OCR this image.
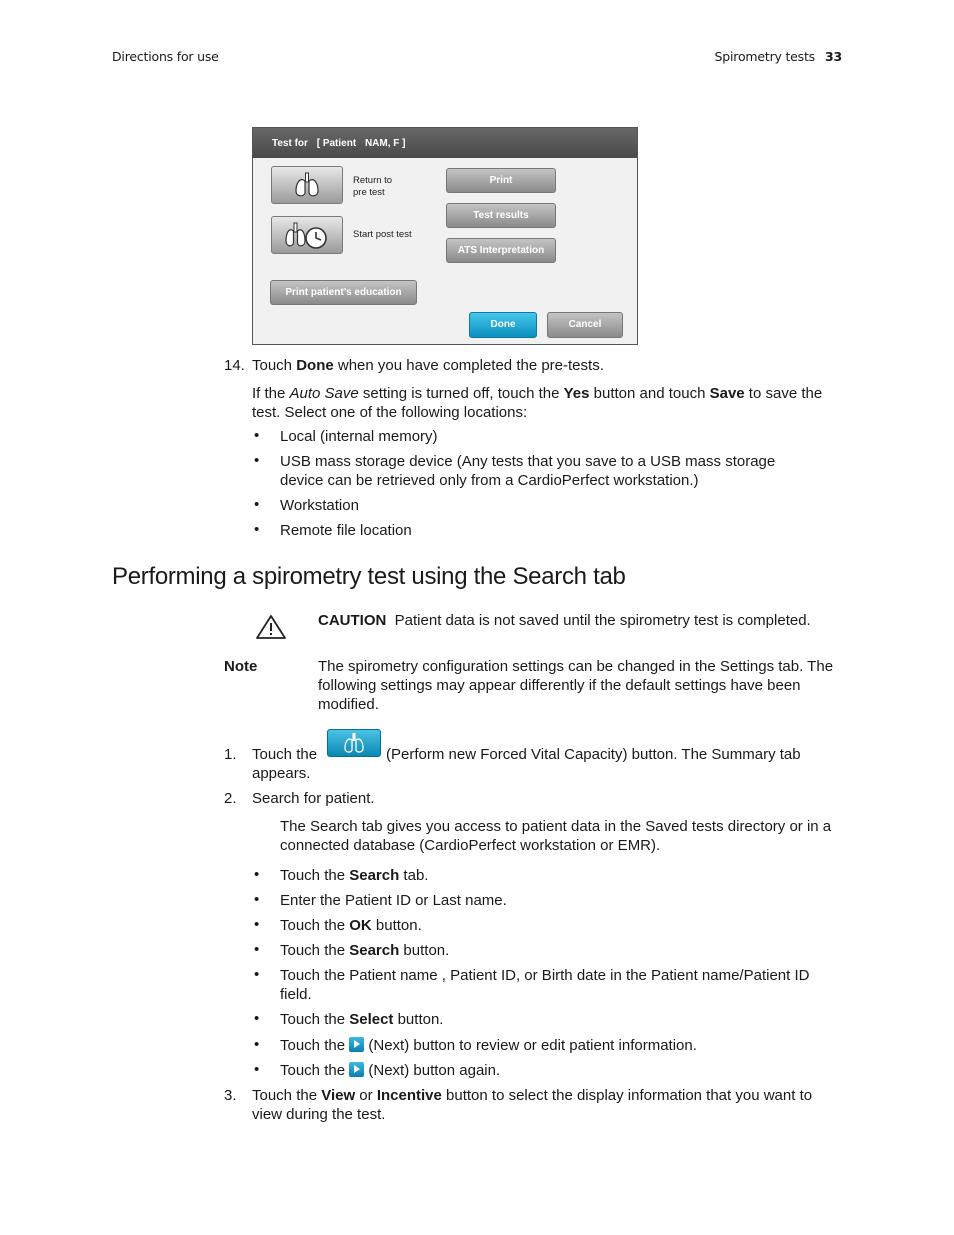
Directions for use	Spirometry tests 33
Test for [ Patient NAM, F ]
Return to
pre test
Start post test
Print
Test results
ATS Interpretation
Print patient’s education
Done	Cancel
14. Touch Done when you have completed the pre-tests.
If the Auto Save setting is turned off, touch the Yes button and touch Save to save the test. Select one of the following locations:
• Local (internal memory)
• USB mass storage device (Any tests that you save to a USB mass storage device can be retrieved only from a CardioPerfect workstation.)
• Workstation
• Remote file location
Performing a spirometry test using the Search tab
CAUTION Patient data is not saved until the spirometry test is completed.
Note	The spirometry configuration settings can be changed in the Settings tab. The following settings may appear differently if the default settings have been modified.
1. Touch the	(Perform new Forced Vital Capacity) button. The Summary tab appears.
2. Search for patient.
The Search tab gives you access to patient data in the Saved tests directory or in a connected database (CardioPerfect workstation or EMR).
• Touch the Search tab.
• Enter the Patient ID or Last name.
• Touch the OK button.
• Touch the Search button.
• Touch the Patient name , Patient ID, or Birth date in the Patient name/Patient ID field.
• Touch the Select button.
• Touch the (Next) button to review or edit patient information.
• Touch the (Next) button again.
3. Touch the View or Incentive button to select the display information that you want to view during the test.
